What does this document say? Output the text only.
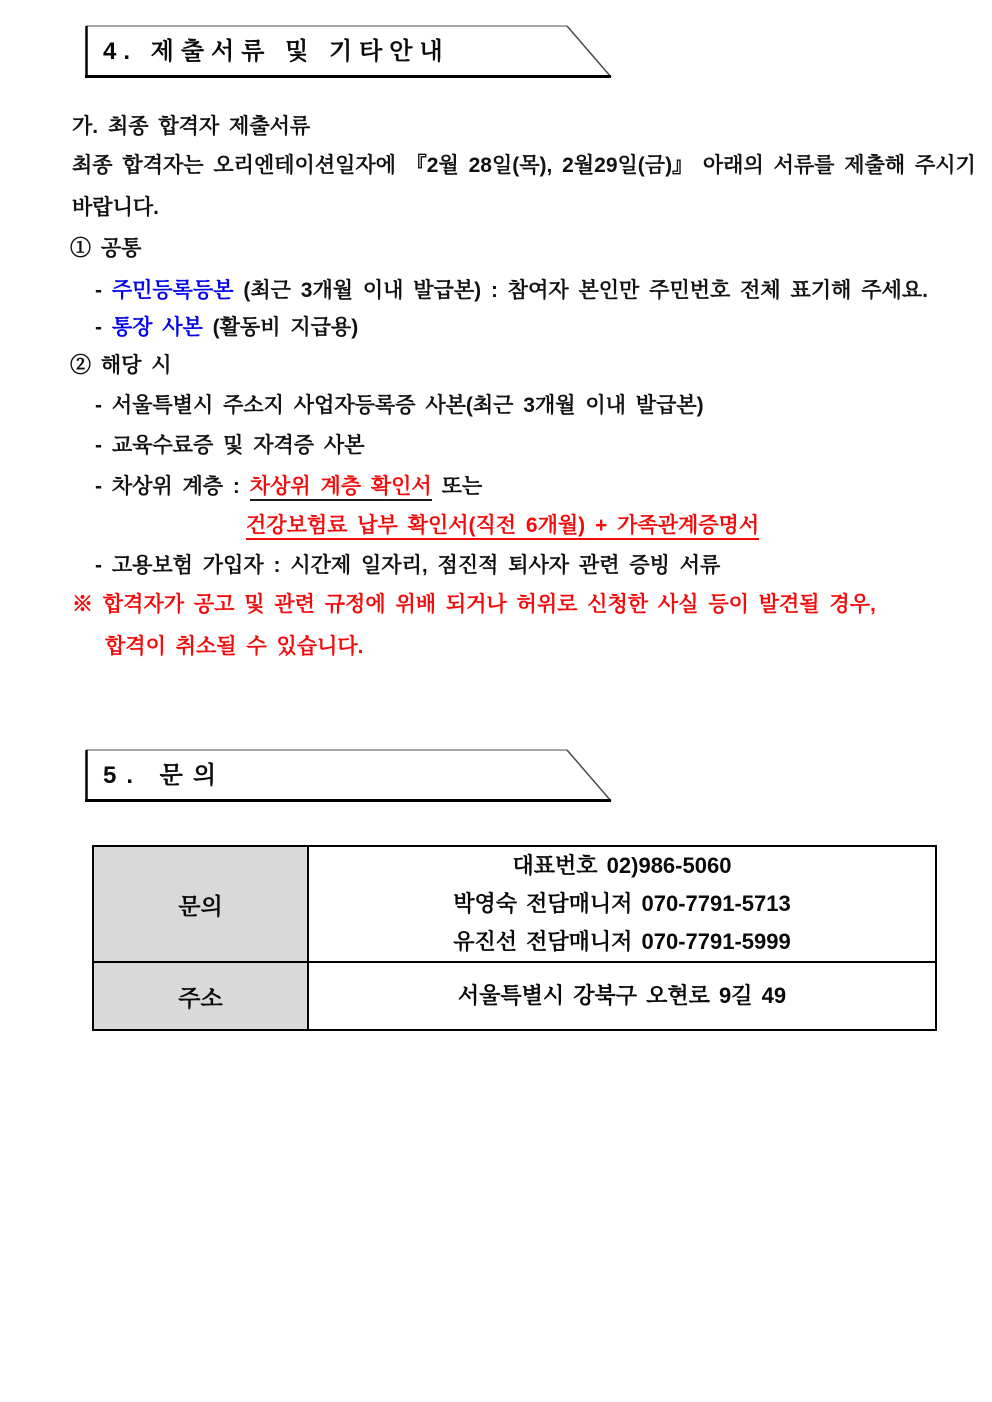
4. 제출서류 및 기타안내
가. 최종 합격자 제출서류
최종 합격자는 오리엔테이션일자에 『2월 28일(목), 2월29일(금)』 아래의 서류를 제출해 주시기
바랍니다.
① 공통
- 주민등록등본 (최근 3개월 이내 발급본) : 참여자 본인만 주민번호 전체 표기해 주세요.
- 통장 사본 (활동비 지급용)
② 해당 시
- 서울특별시 주소지 사업자등록증 사본(최근 3개월 이내 발급본)
- 교육수료증 및 자격증 사본
- 차상위 계층 : 차상위 계층 확인서 또는
건강보험료 납부 확인서(직전 6개월) + 가족관계증명서
- 고용보험 가입자 : 시간제 일자리, 점진적 퇴사자 관련 증빙 서류
※ 합격자가 공고 및 관련 규정에 위배 되거나 허위로 신청한 사실 등이 발견될 경우,
합격이 취소될 수 있습니다.
5. 문의
문의
대표번호 02)986-5060
박영숙 전담매니저 070-7791-5713
유진선 전담매니저 070-7791-5999
주소	서울특별시 강북구 오현로 9길 49
